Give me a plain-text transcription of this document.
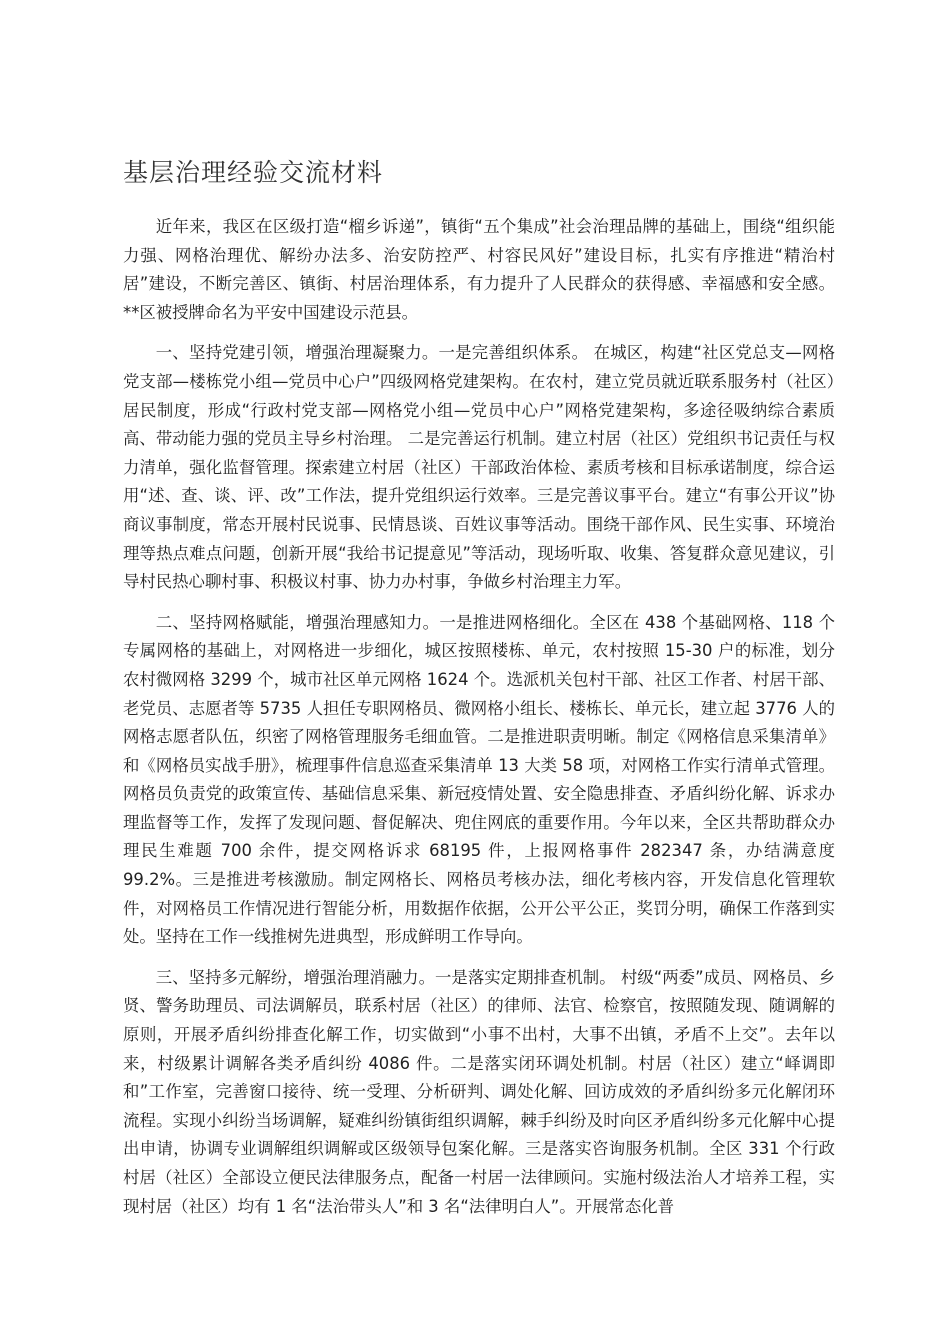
基层治理经验交流材料

近年来，我区在区级打造“榴乡诉递”，镇街“五个集成”社会治理品牌的基础上，围绕“组织能力强、网格治理优、解纷办法多、治安防控严、村容民风好”建设目标，扎实有序推进“精治村居”建设，不断完善区、镇街、村居治理体系，有力提升了人民群众的获得感、幸福感和安全感。**区被授牌命名为平安中国建设示范县。

一、坚持党建引领，增强治理凝聚力。一是完善组织体系。 在城区，构建“社区党总支—网格党支部—楼栋党小组—党员中心户”四级网格党建架构。在农村，建立党员就近联系服务村（社区）居民制度，形成“行政村党支部—网格党小组—党员中心户”网格党建架构，多途径吸纳综合素质高、带动能力强的党员主导乡村治理。 二是完善运行机制。建立村居（社区）党组织书记责任与权力清单，强化监督管理。探索建立村居（社区）干部政治体检、素质考核和目标承诺制度，综合运用“述、查、谈、评、改”工作法，提升党组织运行效率。三是完善议事平台。建立“有事公开议”协商议事制度，常态开展村民说事、民情恳谈、百姓议事等活动。围绕干部作风、民生实事、环境治理等热点难点问题，创新开展“我给书记提意见”等活动，现场听取、收集、答复群众意见建议，引导村民热心聊村事、积极议村事、协力办村事，争做乡村治理主力军。

二、坚持网格赋能，增强治理感知力。一是推进网格细化。全区在 438 个基础网格、118 个专属网格的基础上，对网格进一步细化，城区按照楼栋、单元，农村按照 15-30 户的标准，划分农村微网格 3299 个，城市社区单元网格 1624 个。选派机关包村干部、社区工作者、村居干部、老党员、志愿者等 5735 人担任专职网格员、微网格小组长、楼栋长、单元长，建立起 3776 人的网格志愿者队伍，织密了网格管理服务毛细血管。二是推进职责明晰。制定《网格信息采集清单》和《网格员实战手册》，梳理事件信息巡查采集清单 13 大类 58 项，对网格工作实行清单式管理。网格员负责党的政策宣传、基础信息采集、新冠疫情处置、安全隐患排查、矛盾纠纷化解、诉求办理监督等工作，发挥了发现问题、督促解决、兜住网底的重要作用。今年以来，全区共帮助群众办理民生难题 700 余件，提交网格诉求 68195 件，上报网格事件 282347 条，办结满意度 99.2%。三是推进考核激励。制定网格长、网格员考核办法，细化考核内容，开发信息化管理软件，对网格员工作情况进行智能分析，用数据作依据，公开公平公正，奖罚分明，确保工作落到实处。坚持在工作一线推树先进典型，形成鲜明工作导向。

三、坚持多元解纷，增强治理消融力。一是落实定期排查机制。 村级“两委”成员、网格员、乡贤、警务助理员、司法调解员，联系村居（社区）的律师、法官、检察官，按照随发现、随调解的原则，开展矛盾纠纷排查化解工作，切实做到“小事不出村，大事不出镇，矛盾不上交”。去年以来，村级累计调解各类矛盾纠纷 4086 件。二是落实闭环调处机制。村居（社区）建立“峄调即和”工作室，完善窗口接待、统一受理、分析研判、调处化解、回访成效的矛盾纠纷多元化解闭环流程。实现小纠纷当场调解，疑难纠纷镇街组织调解，棘手纠纷及时向区矛盾纠纷多元化解中心提出申请，协调专业调解组织调解或区级领导包案化解。三是落实咨询服务机制。全区 331 个行政村居（社区）全部设立便民法律服务点，配备一村居一法律顾问。实施村级法治人才培养工程，实现村居（社区）均有 1 名“法治带头人”和 3 名“法律明白人”。开展常态化普
